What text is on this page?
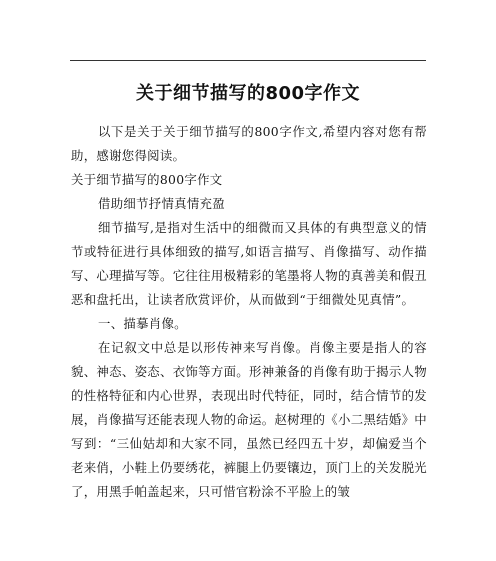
关于细节描写的800字作文

以下是关于关于细节描写的800字作文,希望内容对您有帮助，感谢您得阅读。

关于细节描写的800字作文

借助细节抒情真情充盈

细节描写,是指对生活中的细微而又具体的有典型意义的情节或特征进行具体细致的描写,如语言描写、肖像描写、动作描写、心理描写等。它往往用极精彩的笔墨将人物的真善美和假丑恶和盘托出，让读者欣赏评价，从而做到“于细微处见真情”。

一、描摹肖像。

在记叙文中总是以形传神来写肖像。肖像主要是指人的容貌、神态、姿态、衣饰等方面。形神兼备的肖像有助于揭示人物的性格特征和内心世界，表现出时代特征，同时，结合情节的发展，肖像描写还能表现人物的命运。赵树理的《小二黑结婚》中写到：“三仙姑却和大家不同，虽然已经四五十岁，却偏爱当个老来俏，小鞋上仍要绣花，裤腿上仍要镶边，顶门上的关发脱光了，用黑手帕盖起来，只可惜官粉涂不平脸上的皱
